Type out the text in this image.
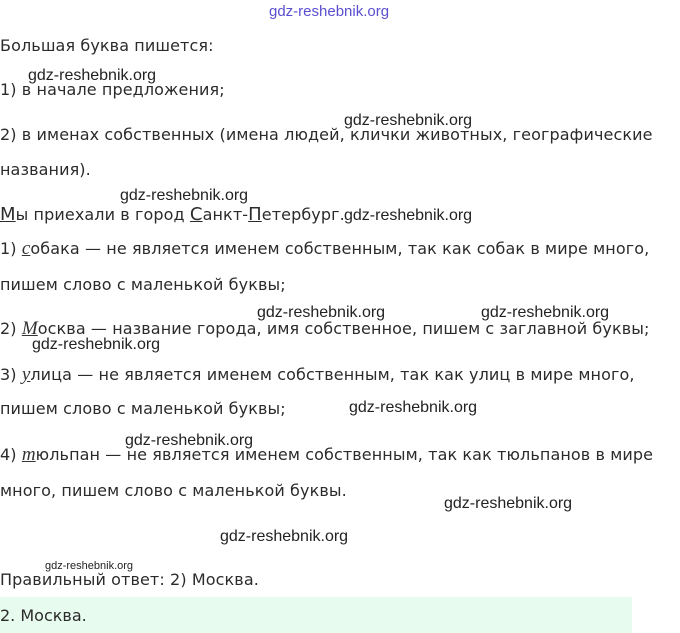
gdz-reshebnik.org
gdz-reshebnik.org
gdz-reshebnik.org
gdz-reshebnik.org
gdz-reshebnik.org
gdz-reshebnik.org	gdz-reshebnik.org
gdz-reshebnik.org
gdz-reshebnik.org
gdz-reshebnik.org
gdz-reshebnik.org
gdz-reshebnik.org
gdz-reshebnik.org
Большая буква пишется:
1) в начале предложения;
2) в именах собственных (имена людей, клички животных, географические
названия).
Мы приехали в город Санкт-Петербург.
1) собака — не является именем собственным, так как собак в мире много,
пишем слово с маленькой буквы;
2) Москва — название города, имя собственное, пишем с заглавной буквы;
3) улица — не является именем собственным, так как улиц в мире много,
пишем слово с маленькой буквы;
4) тюльпан — не является именем собственным, так как тюльпанов в мире
много, пишем слово с маленькой буквы.
Правильный ответ: 2) Москва.
2. Москва.
